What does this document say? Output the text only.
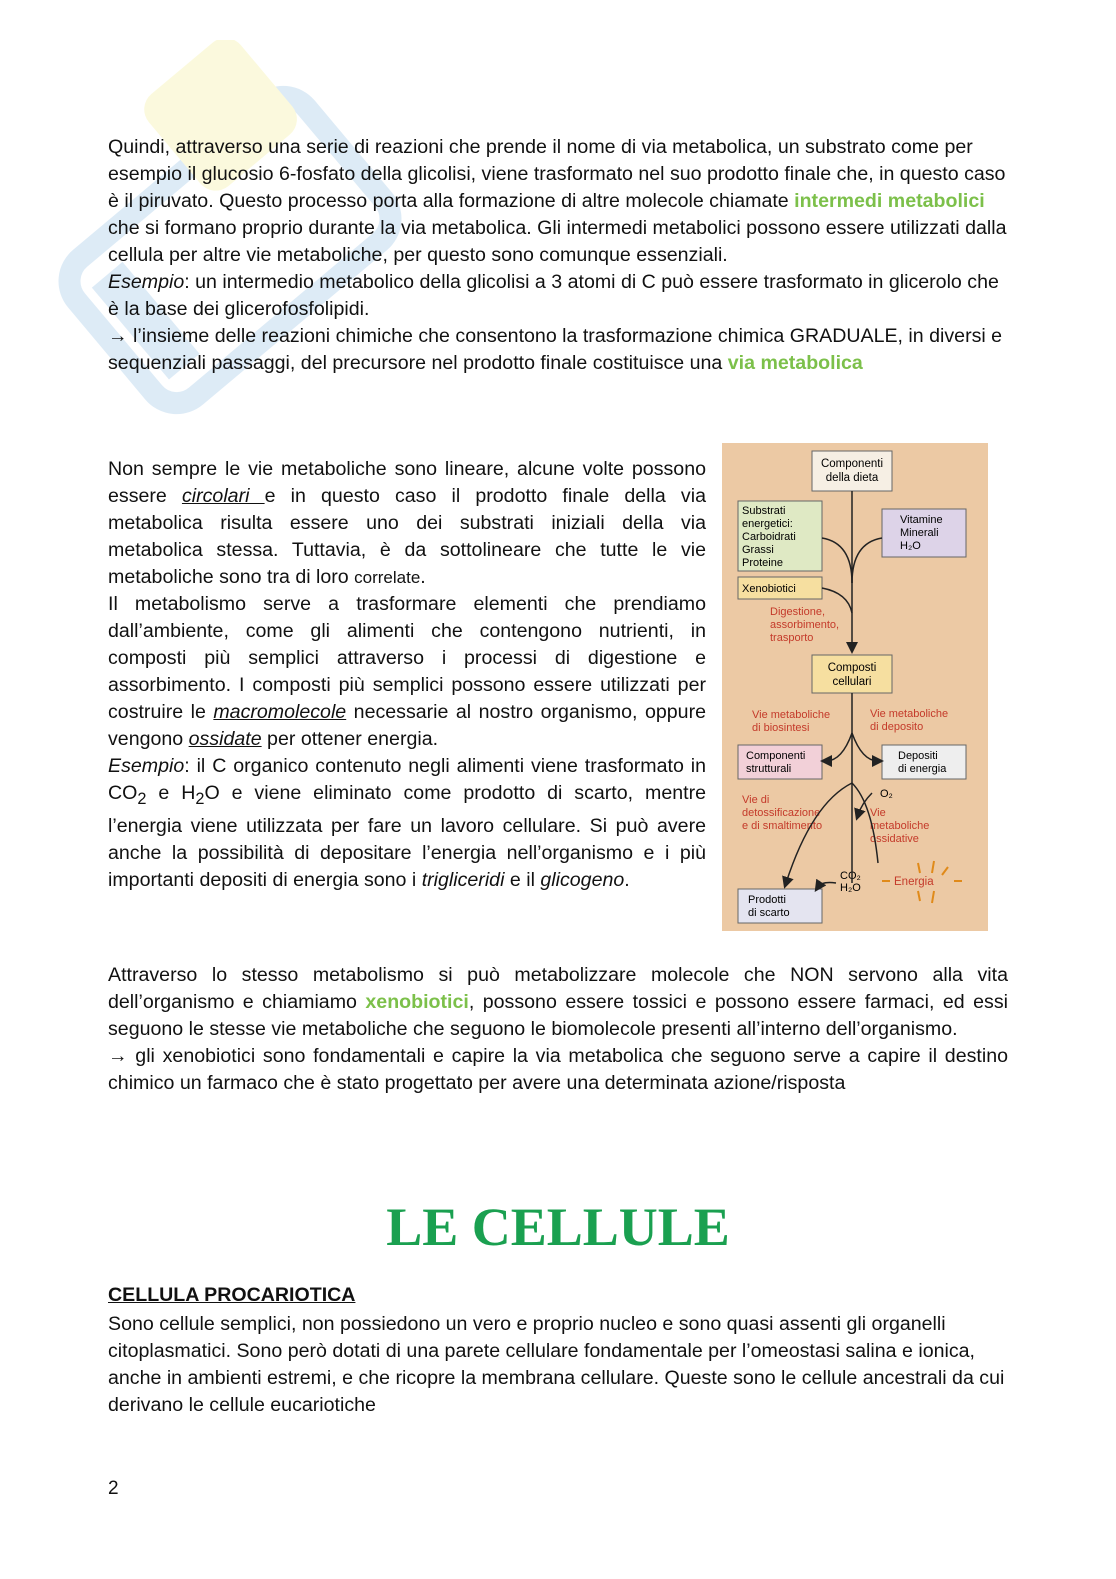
Quindi, attraverso una serie di reazioni che prende il nome di via metabolica, un substrato come per esempio il glucosio 6-fosfato della glicolisi, viene trasformato nel suo prodotto finale che, in questo caso è il piruvato. Questo processo porta alla formazione di altre molecole chiamate intermedi metabolici che si formano proprio durante la via metabolica. Gli intermedi metabolici possono essere utilizzati dalla cellula per altre vie metaboliche, per questo sono comunque essenziali.

Esempio: un intermedio metabolico della glicolisi a 3 atomi di C può essere trasformato in glicerolo che è la base dei glicerofosfolipidi.

→ l’insieme delle reazioni chimiche che consentono la trasformazione chimica GRADUALE, in diversi e sequenziali passaggi, del precursore nel prodotto finale costituisce una via metabolica

Non sempre le vie metaboliche sono lineare, alcune volte possono essere circolari e in questo caso il prodotto finale della via metabolica risulta essere uno dei substrati iniziali della via metabolica stessa. Tuttavia, è da sottolineare che tutte le vie metaboliche sono tra di loro correlate.

Il metabolismo serve a trasformare elementi che prendiamo dall’ambiente, come gli alimenti che contengono nutrienti, in composti più semplici attraverso i processi di digestione e assorbimento. I composti più semplici possono essere utilizzati per costruire le macromolecole necessarie al nostro organismo, oppure vengono ossidate per ottener energia.

Esempio: il C organico contenuto negli alimenti viene trasformato in $CO_2$ e $H_2O$ e viene eliminato come prodotto di scarto, mentre l’energia viene utilizzata per fare un lavoro cellulare. Si può avere anche la possibilità di depositare l’energia nell’organismo e i più importanti depositi di energia sono i trigliceridi e il glicogeno.

Componenti
della dieta
Substrati
energetici:
Carboidrati
Grassi
Proteine
Vitamine
Minerali
H₂O
Xenobiotici
Digestione,
assorbimento,
trasporto
Composti
cellulari
Vie metaboliche
di biosintesi
Vie metaboliche
di deposito
Componenti
strutturali
Depositi
di energia
O₂
Vie di
detossificazione
e di smaltimento
Vie
metaboliche
ossidative
CO₂
H₂O	Energia
Prodotti
di scarto

Attraverso lo stesso metabolismo si può metabolizzare molecole che NON servono alla vita dell’organismo e chiamiamo xenobiotici, possono essere tossici e possono essere farmaci, ed essi seguono le stesse vie metaboliche che seguono le biomolecole presenti all’interno dell’organismo.

→ gli xenobiotici sono fondamentali e capire la via metabolica che seguono serve a capire il destino chimico un farmaco che è stato progettato per avere una determinata azione/risposta

LE CELLULE
CELLULA PROCARIOTICA
Sono cellule semplici, non possiedono un vero e proprio nucleo e sono quasi assenti gli organelli citoplasmatici. Sono però dotati di una parete cellulare fondamentale per l’omeostasi salina e ionica, anche in ambienti estremi, e che ricopre la membrana cellulare. Queste sono le cellule ancestrali da cui derivano le cellule eucariotiche
2
